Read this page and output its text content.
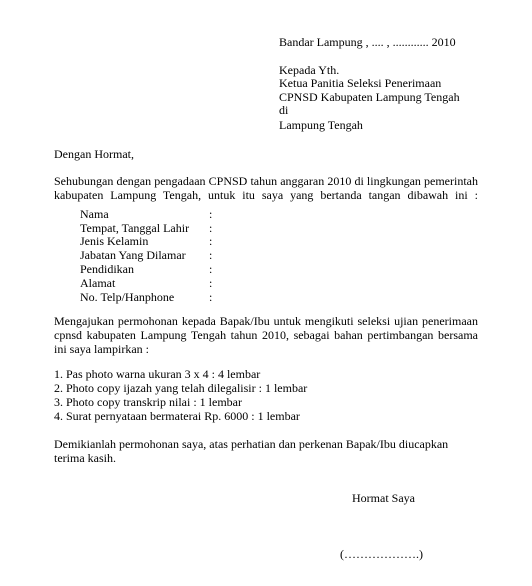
Bandar Lampung , .... , ............ 2010
Kepada Yth.
Ketua Panitia Seleksi Penerimaan
CPNSD Kabupaten Lampung Tengah
di
Lampung Tengah
Dengan Hormat,
Sehubungan dengan pengadaan CPNSD tahun anggaran 2010 di lingkungan pemerintah
kabupaten Lampung Tengah, untuk itu saya yang bertanda tangan dibawah ini :
Nama	:
Tempat, Tanggal Lahir :
Jenis Kelamin	:
Jabatan Yang Dilamar :
Pendidikan	:
Alamat	:
No. Telp/Hanphone	:
Mengajukan permohonan kepada Bapak/Ibu untuk mengikuti seleksi ujian penerimaan
cpnsd kabupaten Lampung Tengah tahun 2010, sebagai bahan pertimbangan bersama
ini saya lampirkan :
1. Pas photo warna ukuran 3 x 4 : 4 lembar
2. Photo copy ijazah yang telah dilegalisir : 1 lembar
3. Photo copy transkrip nilai : 1 lembar
4. Surat pernyataan bermaterai Rp. 6000 : 1 lembar
Demikianlah permohonan saya, atas perhatian dan perkenan Bapak/Ibu diucapkan
terima kasih.
Hormat Saya
(……………….)
